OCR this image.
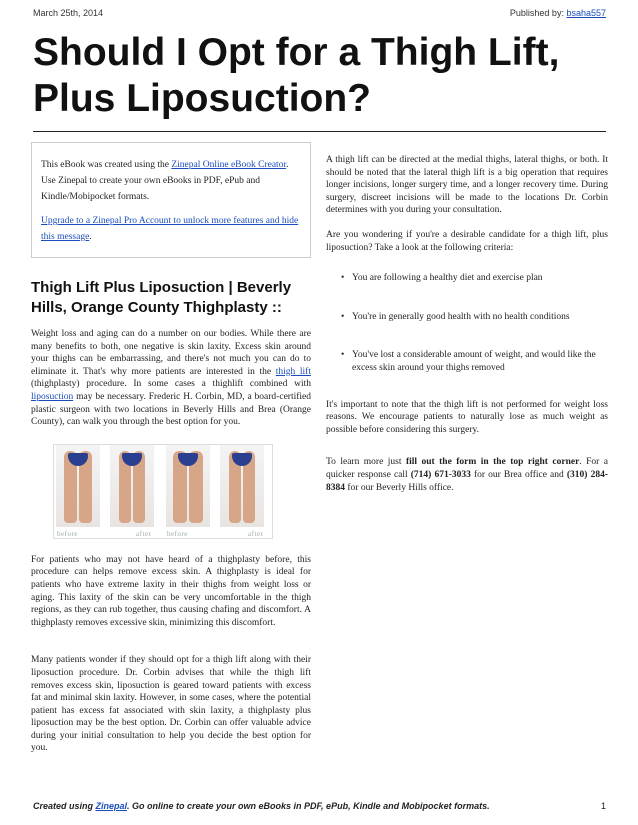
March 25th, 2014	Published by: bsaha557
Should I Opt for a Thigh Lift, Plus Liposuction?

This eBook was created using the Zinepal Online eBook Creator. Use Zinepal to create your own eBooks in PDF, ePub and Kindle/Mobipocket formats.

Upgrade to a Zinepal Pro Account to unlock more features and hide this message.

Thigh Lift Plus Liposuction | Beverly Hills, Orange County Thighplasty ::

Weight loss and aging can do a number on our bodies. While there are many benefits to both, one negative is skin laxity. Excess skin around your thighs can be embarrassing, and there's not much you can do to eliminate it. That's why more patients are interested in the thigh lift (thighplasty) procedure. In some cases a thighlift combined with liposuction may be necessary. Frederic H. Corbin, MD, a board-certified plastic surgeon with two locations in Beverly Hills and Brea (Orange County), can walk you through the best option for you.

before	after before	after

For patients who may not have heard of a thighplasty before, this procedure can helps remove excess skin. A thighplasty is ideal for patients who have extreme laxity in their thighs from weight loss or aging. This laxity of the skin can be very uncomfortable in the thigh regions, as they can rub together, thus causing chafing and discomfort. A thighplasty removes excessive skin, minimizing this discomfort.

Many patients wonder if they should opt for a thigh lift along with their liposuction procedure. Dr. Corbin advises that while the thigh lift removes excess skin, liposuction is geared toward patients with excess fat and minimal skin laxity. However, in some cases, where the potential patient has excess fat associated with skin laxity, a thighplasty plus liposuction may be the best option. Dr. Corbin can offer valuable advice during your initial consultation to help you decide the best option for you.

A thigh lift can be directed at the medial thighs, lateral thighs, or both. It should be noted that the lateral thigh lift is a big operation that requires longer incisions, longer surgery time, and a longer recovery time. During surgery, discreet incisions will be made to the locations Dr. Corbin determines with you during your consultation.

Are you wondering if you're a desirable candidate for a thigh lift, plus liposuction? Take a look at the following criteria:

• You are following a healthy diet and exercise plan
• You're in generally good health with no health conditions
• You've lost a considerable amount of weight, and would like the excess skin around your thighs removed

It's important to note that the thigh lift is not performed for weight loss reasons. We encourage patients to naturally lose as much weight as possible before considering this surgery.

To learn more just fill out the form in the top right corner. For a quicker response call (714) 671-3033 for our Brea office and (310) 284-8384 for our Beverly Hills office.

Created using Zinepal. Go online to create your own eBooks in PDF, ePub, Kindle and Mobipocket formats.	1
